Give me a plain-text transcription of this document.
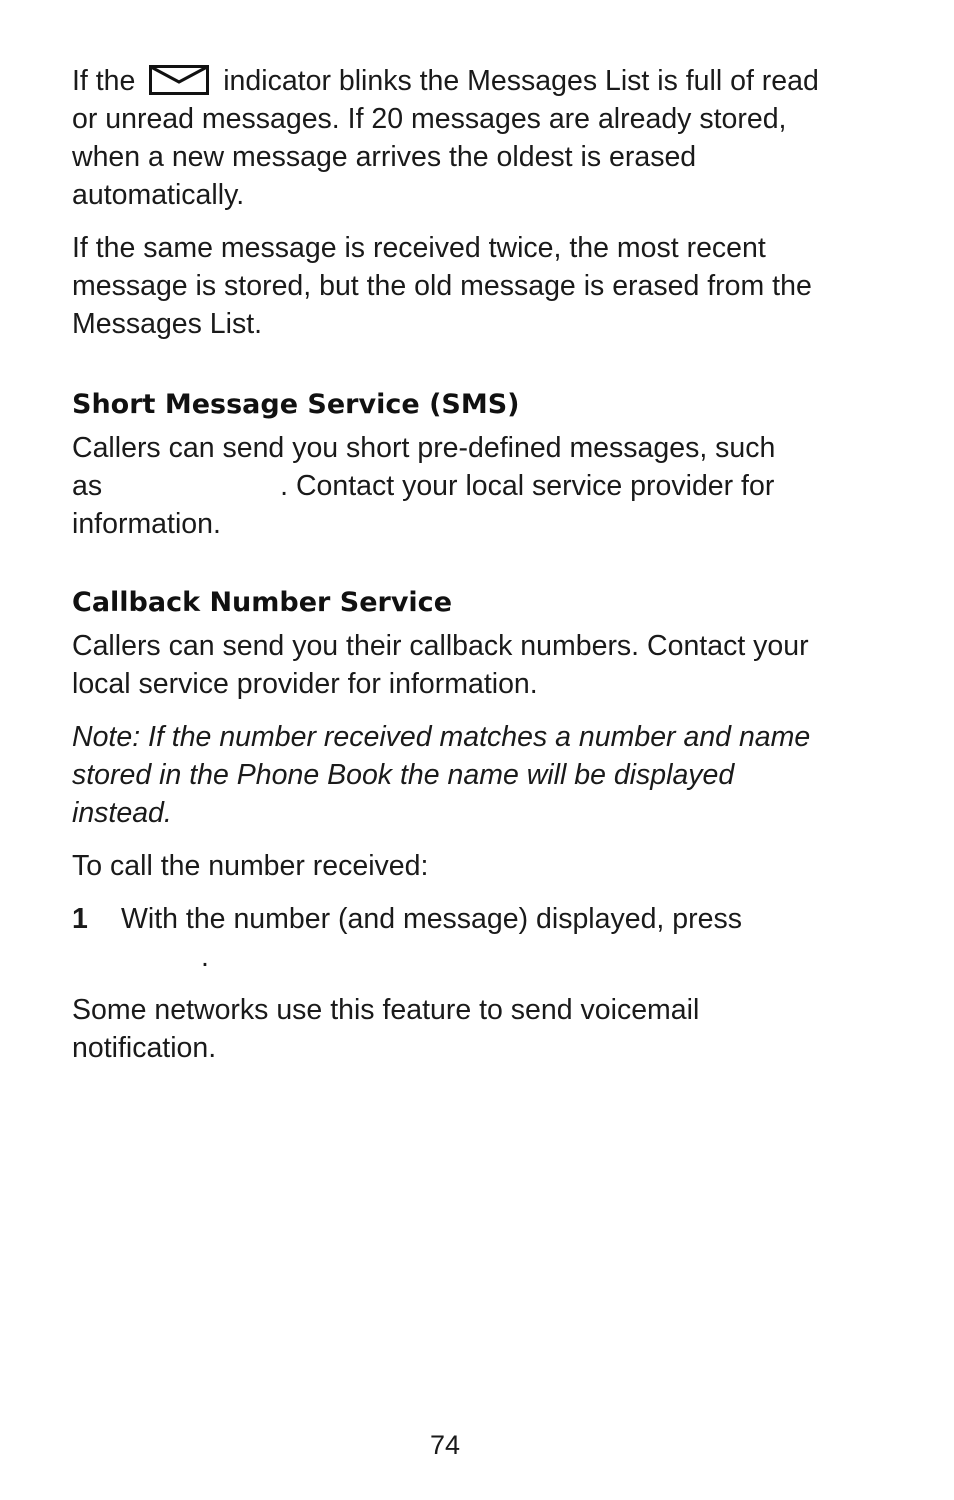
If the	indicator blinks the Messages List is full of read or unread messages. If 20 messages are already stored, when a new message arrives the oldest is erased automatically.

If the same message is received twice, the most recent message is stored, but the old message is erased from the Messages List.

Short Message Service (SMS)

Callers can send you short pre-defined messages, such
as	. Contact your local service provider for information.

Callback Number Service

Callers can send you their callback numbers. Contact your local service provider for information.

Note: If the number received matches a number and name stored in the Phone Book the name will be displayed instead.

To call the number received:

1	With the number (and message) displayed, press
.

Some networks use this feature to send voicemail notification.

74
